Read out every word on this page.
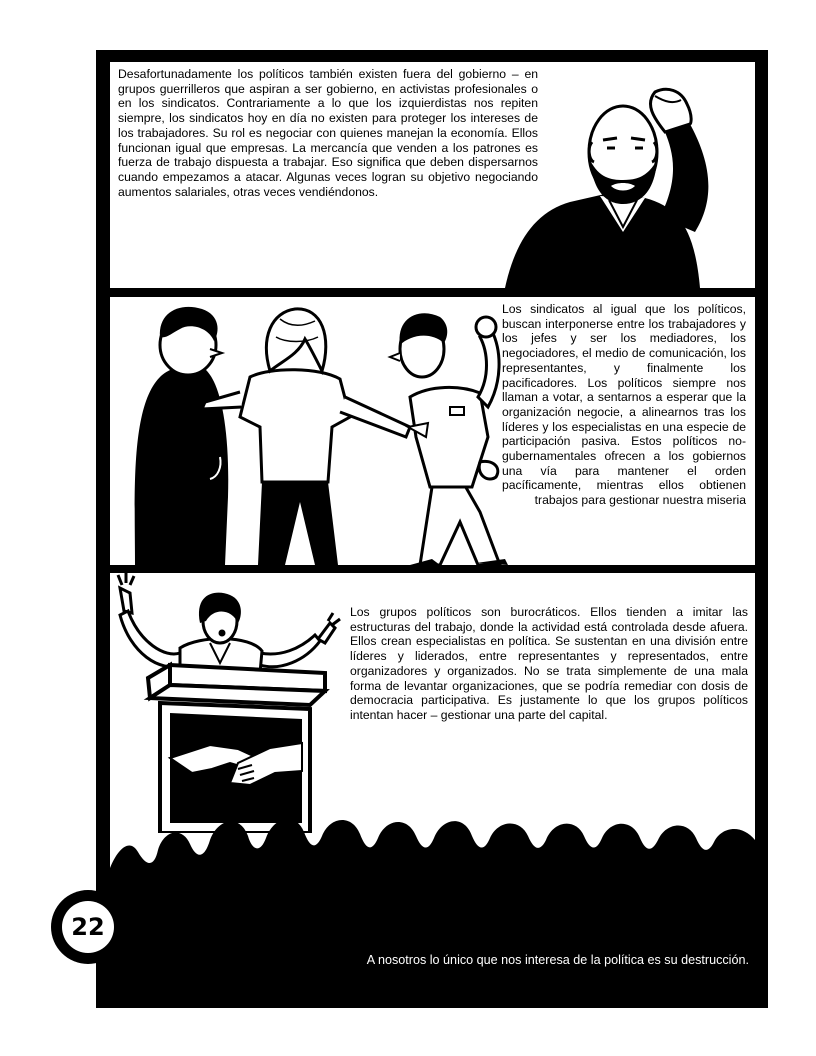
Desafortunadamente los políticos también existen fuera del gobierno – en grupos guerrilleros que aspiran a ser gobierno, en activistas profesionales o en los sindicatos. Contrariamente a lo que los izquierdistas nos repiten siempre, los sindicatos hoy en día no existen para proteger los intereses de los trabajadores. Su rol es negociar con quienes manejan la economía. Ellos funcionan igual que empresas. La mercancía que venden a los patrones es fuerza de trabajo dispuesta a trabajar. Eso significa que deben dispersarnos cuando empezamos a atacar. Algunas veces logran su objetivo negociando aumentos salariales, otras veces vendiéndonos.

Los sindicatos al igual que los políticos, buscan interponerse entre los trabajadores y los jefes y ser los mediadores, los negociadores, el medio de comunicación, los representantes, y finalmente los pacificadores. Los políticos siempre nos llaman a votar, a sentarnos a esperar que la organización negocie, a alinearnos tras los líderes y los especialistas en una especie de participación pasiva. Estos políticos no-gubernamentales ofrecen a los gobiernos una vía para mantener el orden pacíficamente, mientras ellos obtienen trabajos para gestionar nuestra miseria

Los grupos políticos son burocráticos. Ellos tienden a imitar las estructuras del trabajo, donde la actividad está controlada desde afuera. Ellos crean especialistas en política. Se sustentan en una división entre líderes y liderados, entre representantes y representados, entre organizadores y organizados. No se trata simplemente de una mala forma de levantar organizaciones, que se podría remediar con dosis de democracia participativa. Es justamente lo que los grupos políticos intentan hacer – gestionar una parte del capital.

A nosotros lo único que nos interesa de la política es su destrucción.

22
